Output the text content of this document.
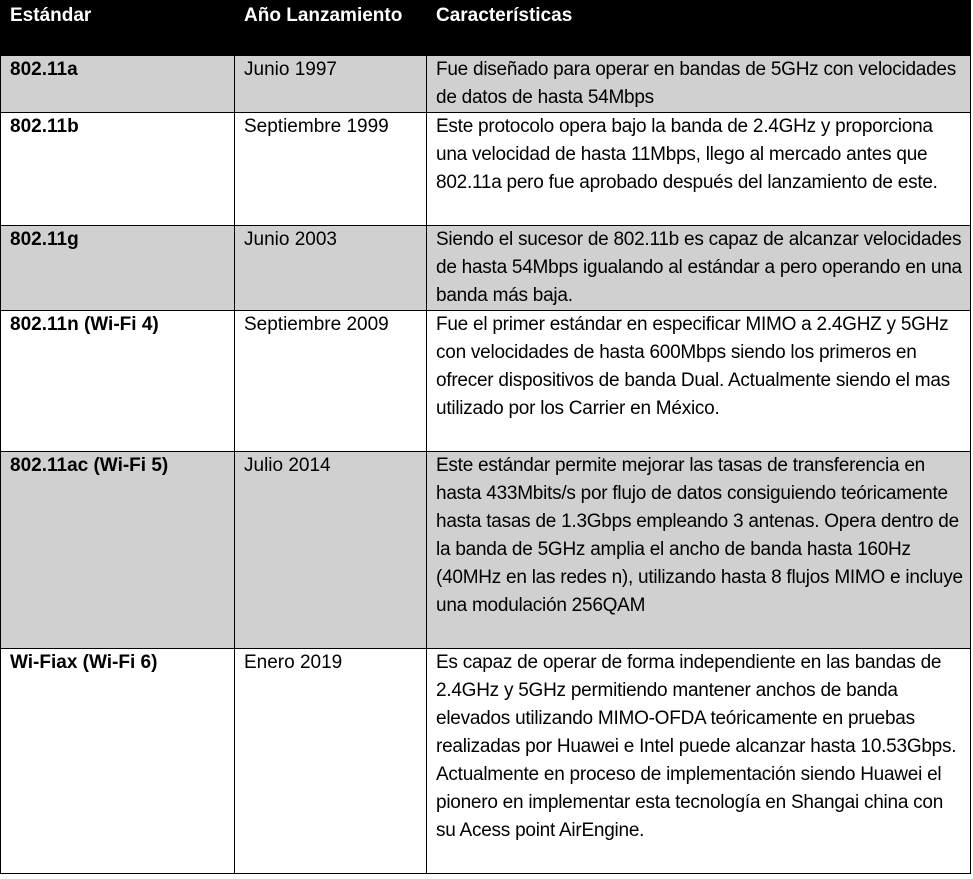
Estándar	Año Lanzamiento	Características
802.11a	Junio 1997	Fue diseñado para operar en bandas de 5GHz con velocidades de datos de hasta 54Mbps
802.11b	Septiembre 1999	Este protocolo opera bajo la banda de 2.4GHz y proporciona una velocidad de hasta 11Mbps, llego al mercado antes que 802.11a pero fue aprobado después del lanzamiento de este.
802.11g	Junio 2003	Siendo el sucesor de 802.11b es capaz de alcanzar velocidades de hasta 54Mbps igualando al estándar a pero operando en una banda más baja.
802.11n (Wi-Fi 4)	Septiembre 2009	Fue el primer estándar en especificar MIMO a 2.4GHZ y 5GHz con velocidades de hasta 600Mbps siendo los primeros en ofrecer dispositivos de banda Dual. Actualmente siendo el mas utilizado por los Carrier en México.
802.11ac (Wi-Fi 5)	Julio 2014	Este estándar permite mejorar las tasas de transferencia en hasta 433Mbits/s por flujo de datos consiguiendo teóricamente hasta tasas de 1.3Gbps empleando 3 antenas. Opera dentro de la banda de 5GHz amplia el ancho de banda hasta 160Hz (40MHz en las redes n), utilizando hasta 8 flujos MIMO e incluye una modulación 256QAM
Wi-Fiax (Wi-Fi 6)	Enero 2019	Es capaz de operar de forma independiente en las bandas de 2.4GHz y 5GHz permitiendo mantener anchos de banda elevados utilizando MIMO-OFDA teóricamente en pruebas realizadas por Huawei e Intel puede alcanzar hasta 10.53Gbps. Actualmente en proceso de implementación siendo Huawei el pionero en implementar esta tecnología en Shangai china con su Acess point AirEngine.
